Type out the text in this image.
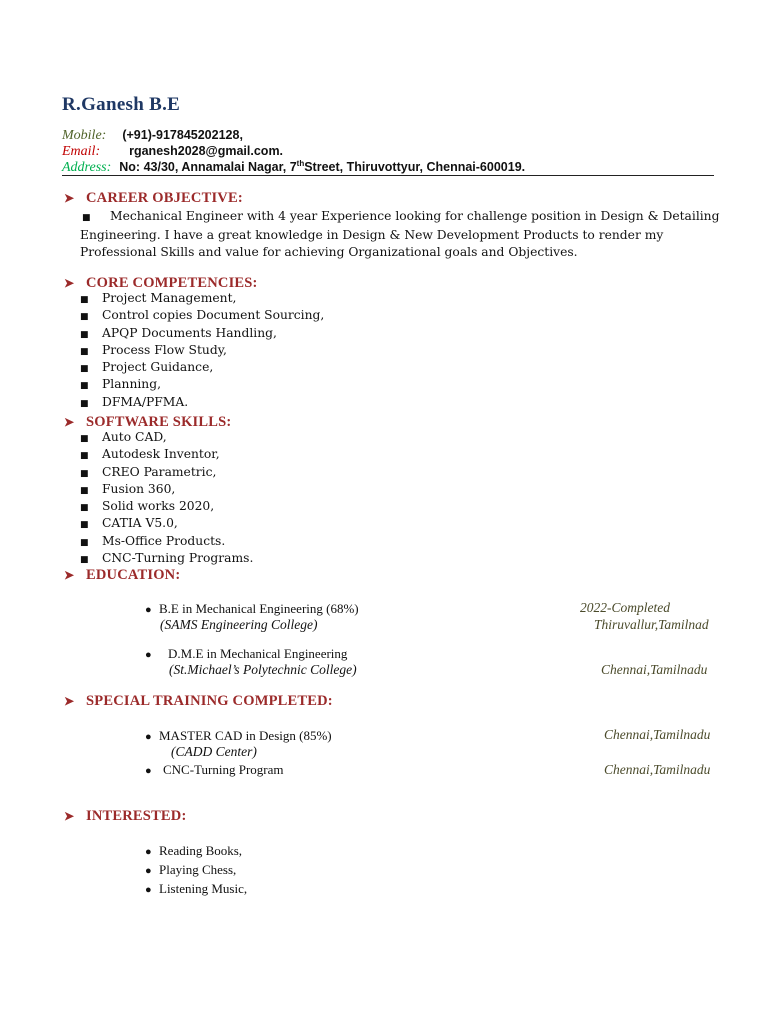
R.Ganesh B.E
Mobile: (+91)-917845202128,
Email: rganesh2028@gmail.com.
Address: No: 43/30, Annamalai Nagar, 7thStreet, Thiruvottyur, Chennai-600019.
➤ CAREER OBJECTIVE:
■ Mechanical Engineer with 4 year Experience looking for challenge position in Design & Detailing Engineering. I have a great knowledge in Design & New Development Products to render my Professional Skills and value for achieving Organizational goals and Objectives.
➤ CORE COMPETENCIES:
■ Project Management,
■ Control copies Document Sourcing,
■ APQP Documents Handling,
■ Process Flow Study,
■ Project Guidance,
■ Planning,
■ DFMA/PFMA.
➤ SOFTWARE SKILLS:
■ Auto CAD,
■ Autodesk Inventor,
■ CREO Parametric,
■ Fusion 360,
■ Solid works 2020,
■ CATIA V5.0,
■ Ms-Office Products.
■ CNC-Turning Programs.
➤ EDUCATION:
● B.E in Mechanical Engineering (68%)	2022-Completed
(SAMS Engineering College)	Thiruvallur,Tamilnad
● D.M.E in Mechanical Engineering
(St.Michael’s Polytechnic College)	Chennai,Tamilnadu
➤ SPECIAL TRAINING COMPLETED:
● MASTER CAD in Design (85%)	Chennai,Tamilnadu
(CADD Center)
● CNC-Turning Program	Chennai,Tamilnadu
➤ INTERESTED:
● Reading Books,
● Playing Chess,
● Listening Music,
